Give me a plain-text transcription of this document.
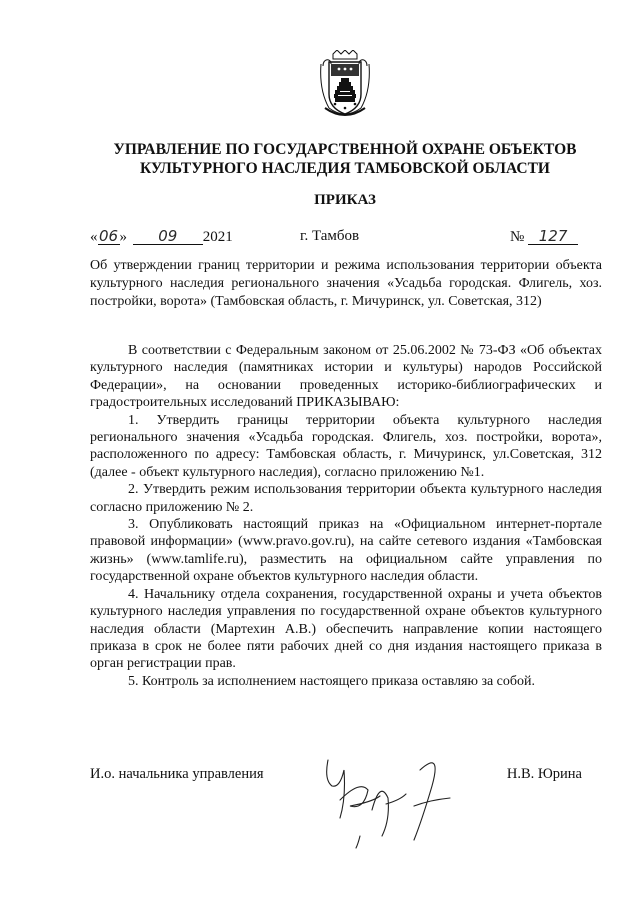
УПРАВЛЕНИЕ ПО ГОСУДАРСТВЕННОЙ ОХРАНЕ ОБЪЕКТОВ
КУЛЬТУРНОГО НАСЛЕДИЯ ТАМБОВСКОЙ ОБЛАСТИ
ПРИКАЗ
«06» 09 2021	г. Тамбов	№ 127
Об утверждении границ территории и режима использования территории объекта культурного наследия регионального значения «Усадьба городская. Флигель, хоз. постройки, ворота» (Тамбовская область, г. Мичуринск, ул. Советская, 312)

В соответствии с Федеральным законом от 25.06.2002 № 73-ФЗ «Об объектах культурного наследия (памятниках истории и культуры) народов Российской Федерации», на основании проведенных историко-библиографических и градостроительных исследований ПРИКАЗЫВАЮ:

1. Утвердить границы территории объекта культурного наследия регионального значения «Усадьба городская. Флигель, хоз. постройки, ворота», расположенного по адресу: Тамбовская область, г. Мичуринск, ул.Советская, 312 (далее - объект культурного наследия), согласно приложению №1.

2. Утвердить режим использования территории объекта культурного наследия согласно приложению № 2.

3. Опубликовать настоящий приказ на «Официальном интернет-портале правовой информации» (www.pravo.gov.ru), на сайте сетевого издания «Тамбовская жизнь» (www.tamlife.ru), разместить на официальном сайте управления по государственной охране объектов культурного наследия области.

4. Начальнику отдела сохранения, государственной охраны и учета объектов культурного наследия управления по государственной охране объектов культурного наследия области (Мартехин А.В.) обеспечить направление копии настоящего приказа в срок не более пяти рабочих дней со дня издания настоящего приказа в орган регистрации прав.

5. Контроль за исполнением настоящего приказа оставляю за собой.

И.о. начальника управления	Н.В. Юрина
